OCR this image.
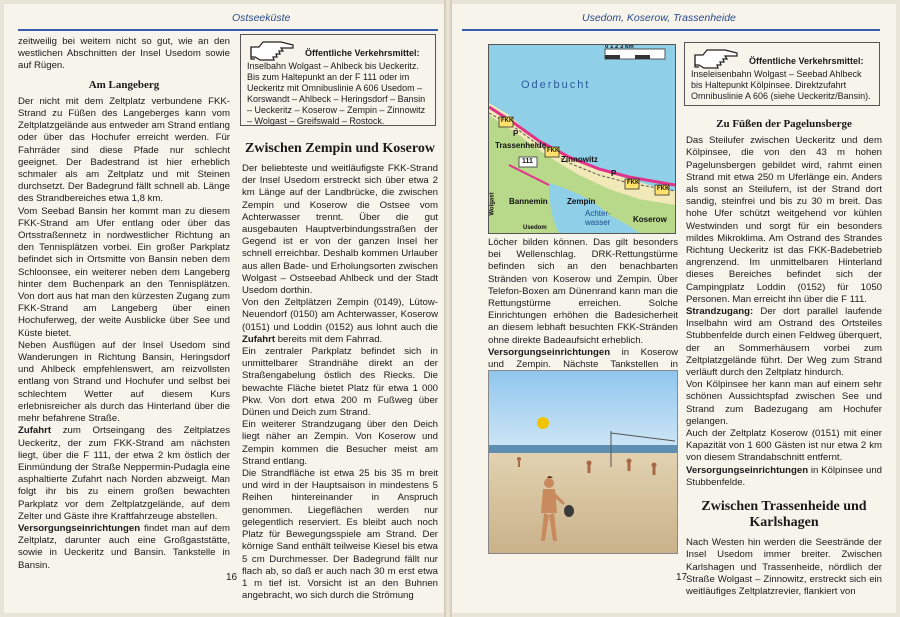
Ostseeküste

zeitweilig bei weitem nicht so gut, wie an den westlichen Abschnitten der Insel Usedom sowie auf Rügen.

Am Langeberg

Der nicht mit dem Zeltplatz verbundene FKK-Strand zu Füßen des Langeberges kann vom Zeltplatzgelände aus entweder am Strand entlang oder über das Hochufer erreicht werden. Für Fahrräder sind diese Pfade nur schlecht geeignet. Der Badestrand ist hier erheblich schmaler als am Zeltplatz und mit Steinen durchsetzt. Der Badegrund fällt schnell ab. Länge des Strandbereiches etwa 1,8 km.

Vom Seebad Bansin her kommt man zu diesem FKK-Strand am Ufer entlang oder über das Ortsstraßennetz in nordwestlicher Richtung an den Tennisplätzen vorbei. Ein großer Parkplatz befindet sich in Ortsmitte von Bansin neben dem Schloonsee, ein weiterer neben dem Langeberg hinter dem Buchenpark an den Tennisplätzen. Von dort aus hat man den kürzesten Zugang zum FKK-Strand am Langeberg über einen Hochuferweg, der weite Ausblicke über See und Küste bietet.

Neben Ausflügen auf der Insel Usedom sind Wanderungen in Richtung Bansin, Heringsdorf und Ahlbeck empfehlenswert, am reizvollsten entlang von Strand und Hochufer und selbst bei schlechtem Wetter auf diesem Kurs erlebnisreicher als durch das Hinterland über die mehr befahrene Straße.

Zufahrt zum Ortseingang des Zeltplatzes Ueckeritz, der zum FKK-Strand am nächsten liegt, über die F 111, der etwa 2 km östlich der Einmündung der Straße Neppermin-Pudagla eine asphaltierte Zufahrt nach Norden abzweigt. Man folgt ihr bis zu einem großen bewachten Parkplatz vor dem Zeltplatzgelände, auf dem Zelter und Gäste ihre Kraftfahrzeuge abstellen.

Versorgungseinrichtungen findet man auf dem Zeltplatz, darunter auch eine Großgaststätte, sowie in Ueckeritz und Bansin. Tankstelle in Bansin.

Öffentliche Verkehrsmittel:
Inselbahn Wolgast – Ahlbeck bis Ueckeritz. Bis zum Haltepunkt an der F 111 oder im Ueckeritz mit Omnibuslinie A 606 Usedom – Korswandt – Ahlbeck – Heringsdorf – Bansin – Ueckeritz – Koserow – Zempin – Zinnowitz – Wolgast – Greifswald – Rostock.
Zwischen Zempin und Koserow

Der beliebteste und weitläufigste FKK-Strand der Insel Usedom erstreckt sich über etwa 2 km Länge auf der Landbrücke, die zwischen Zempin und Koserow die Ostsee vom Achterwasser trennt. Über die gut ausgebauten Hauptverbindungsstraßen der Gegend ist er von der ganzen Insel her schnell erreichbar. Deshalb kommen Urlauber aus allen Bade- und Erholungsorten zwischen Wolgast – Ostseebad Ahlbeck und der Stadt Usedom dorthin.

Von den Zeltplätzen Zempin (0149), Lütow-Neuendorf (0150) am Achterwasser, Koserow (0151) und Loddin (0152) aus lohnt auch die Zufahrt bereits mit dem Fahrrad.

Ein zentraler Parkplatz befindet sich in unmittelbarer Strandnähe direkt an der Straßengabelung östlich des Riecks. Die bewachte Fläche bietet Platz für etwa 1 000 Pkw. Von dort etwa 200 m Fußweg über Dünen und Deich zum Strand.

Ein weiterer Strandzugang über den Deich liegt näher an Zempin. Von Koserow und Zempin kommen die Besucher meist am Strand entlang.

Die Strandfläche ist etwa 25 bis 35 m breit und wird in der Hauptsaison in mindestens 5 Reihen hintereinander in Anspruch genommen. Liegeflächen werden nur gelegentlich reserviert. Es bleibt auch noch Platz für Bewegungsspiele am Strand. Der körnige Sand enthält teilweise Kiesel bis etwa 5 cm Durchmesser. Der Badegrund fällt nur flach ab, so daß er auch nach 30 m erst etwa 1 m tief ist. Vorsicht ist an den Buhnen angebracht, wo sich durch die Strömung

16
Usedom, Koserow, Trassenheide
0 1 2 3 km
Oderbucht
FKK
FKK
FKK
FKK
Trassenheide
Zinnowitz
Bannemin Zempin
Koserow
Achter-
wasser
Wolgast
Usedom
111
P
P

Löcher bilden können. Das gilt besonders bei Wellenschlag. DRK-Rettungstürme befinden sich an den benachbarten Stränden von Koserow und Zempin. Über Telefon-Boxen am Dünenrand kann man die Rettungstürme erreichen. Solche Einrichtungen erhöhen die Badesicherheit an diesem lebhaft besuchten FKK-Stränden ohne direkte Badeaufsicht erheblich.

Versorgungseinrichtungen in Koserow und Zempin. Nächste Tankstellen in

Öffentliche Verkehrsmittel:
Inseleisenbahn Wolgast – Seebad Ahlbeck bis Haltepunkt Kölpinsee. Direktzufahrt Omnibuslinie A 606 (siehe Ueckeritz/Bansin).
Zu Füßen der Pagelunsberge

Das Steilufer zwischen Ueckeritz und dem Kölpinsee, die von den 43 m hohen Pagelunsbergen gebildet wird, rahmt einen Strand mit etwa 250 m Uferlänge ein. Anders als sonst an Steilufern, ist der Strand dort sandig, steinfrei und bis zu 30 m breit. Das hohe Ufer schützt weitgehend vor kühlen Westwinden und sorgt für ein besonders mildes Mikroklima. Am Ostrand des Strandes Richtung Ueckeritz ist das FKK-Badebetrieb angrenzend. Im unmittelbaren Hinterland dieses Bereiches befindet sich der Campingplatz Loddin (0152) für 1050 Personen. Man erreicht ihn über die F 111.

Strandzugang: Der dort parallel laufende Inselbahn wird am Ostrand des Ortsteiles Stubbenfelde durch einen Feldweg überquert, der an Sommerhäusern vorbei zum Zeltplatzgelände führt. Der Weg zum Strand verläuft durch den Zeltplatz hindurch.

Von Kölpinsee her kann man auf einem sehr schönen Aussichtspfad zwischen See und Strand zum Badezugang am Hochufer gelangen.

Auch der Zeltplatz Koserow (0151) mit einer Kapazität von 1 600 Gästen ist nur etwa 2 km von diesem Strandabschnitt entfernt.

Versorgungseinrichtungen in Kölpinsee und Stubbenfelde.

Zwischen Trassenheide und Karlshagen

Nach Westen hin werden die Seestrände der Insel Usedom immer breiter. Zwischen Karlshagen und Trassenheide, nördlich der Straße Wolgast – Zinnowitz, erstreckt sich ein weitläufiges Zeltplatzrevier, flankiert von

17
